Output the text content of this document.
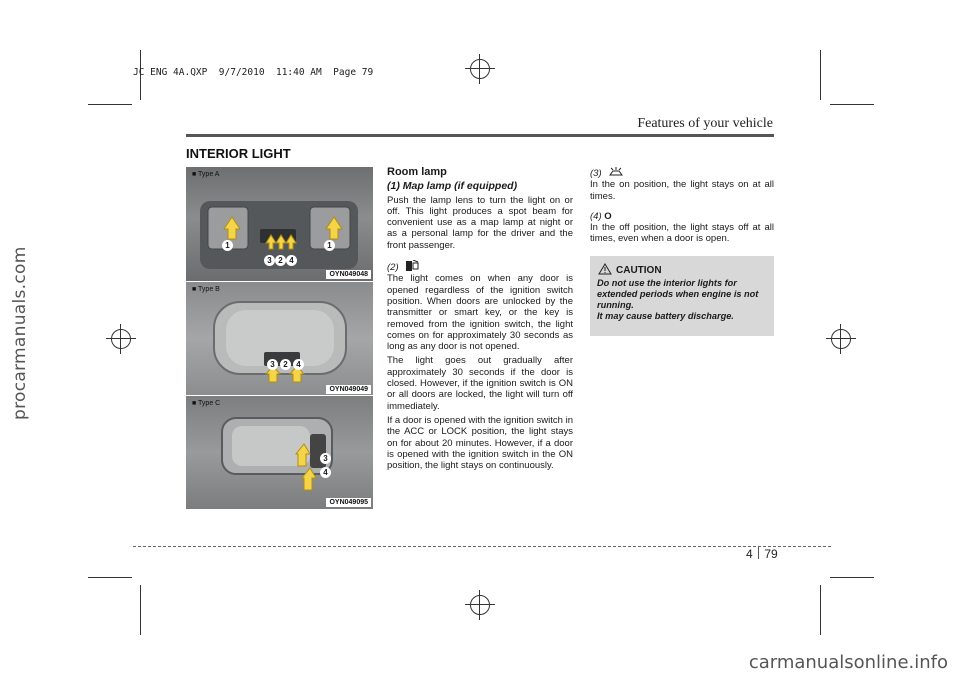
JC ENG 4A.QXP  9/7/2010  11:40 AM  Page 79
procarmanuals.com
carmanualsonline.info
Features of your vehicle
INTERIOR LIGHT
■ Type A
1
3 2 4
1
OYN049048
■ Type B
3	2	4
OYN049049
■ Type C
3
4
OYN049095

Room lamp

(1) Map lamp (if equipped)

Push the lamp lens to turn the light on or off. This light produces a spot beam for convenient use as a map lamp at night or as a personal lamp for the driver and the front passenger.

(2)

The light comes on when any door is opened regardless of the ignition switch position. When doors are unlocked by the transmitter or smart key, or the key is removed from the ignition switch, the light comes on for approximately 30 seconds as long as any door is not opened.

The light goes out gradually after approximately 30 seconds if the door is closed. However, if the ignition switch is ON or all doors are locked, the light will turn off immediately.

If a door is opened with the ignition switch in the ACC or LOCK position, the light stays on for about 20 minutes. However, if a door is opened with the ignition switch in the ON position, the light stays on continuously.

(3)

In the on position, the light stays on at all times.

(4) O

In the off position, the light stays off at all times, even when a door is open.

CAUTION
Do not use the interior lights for extended periods when engine is not running.
It may cause battery discharge.
4 79
